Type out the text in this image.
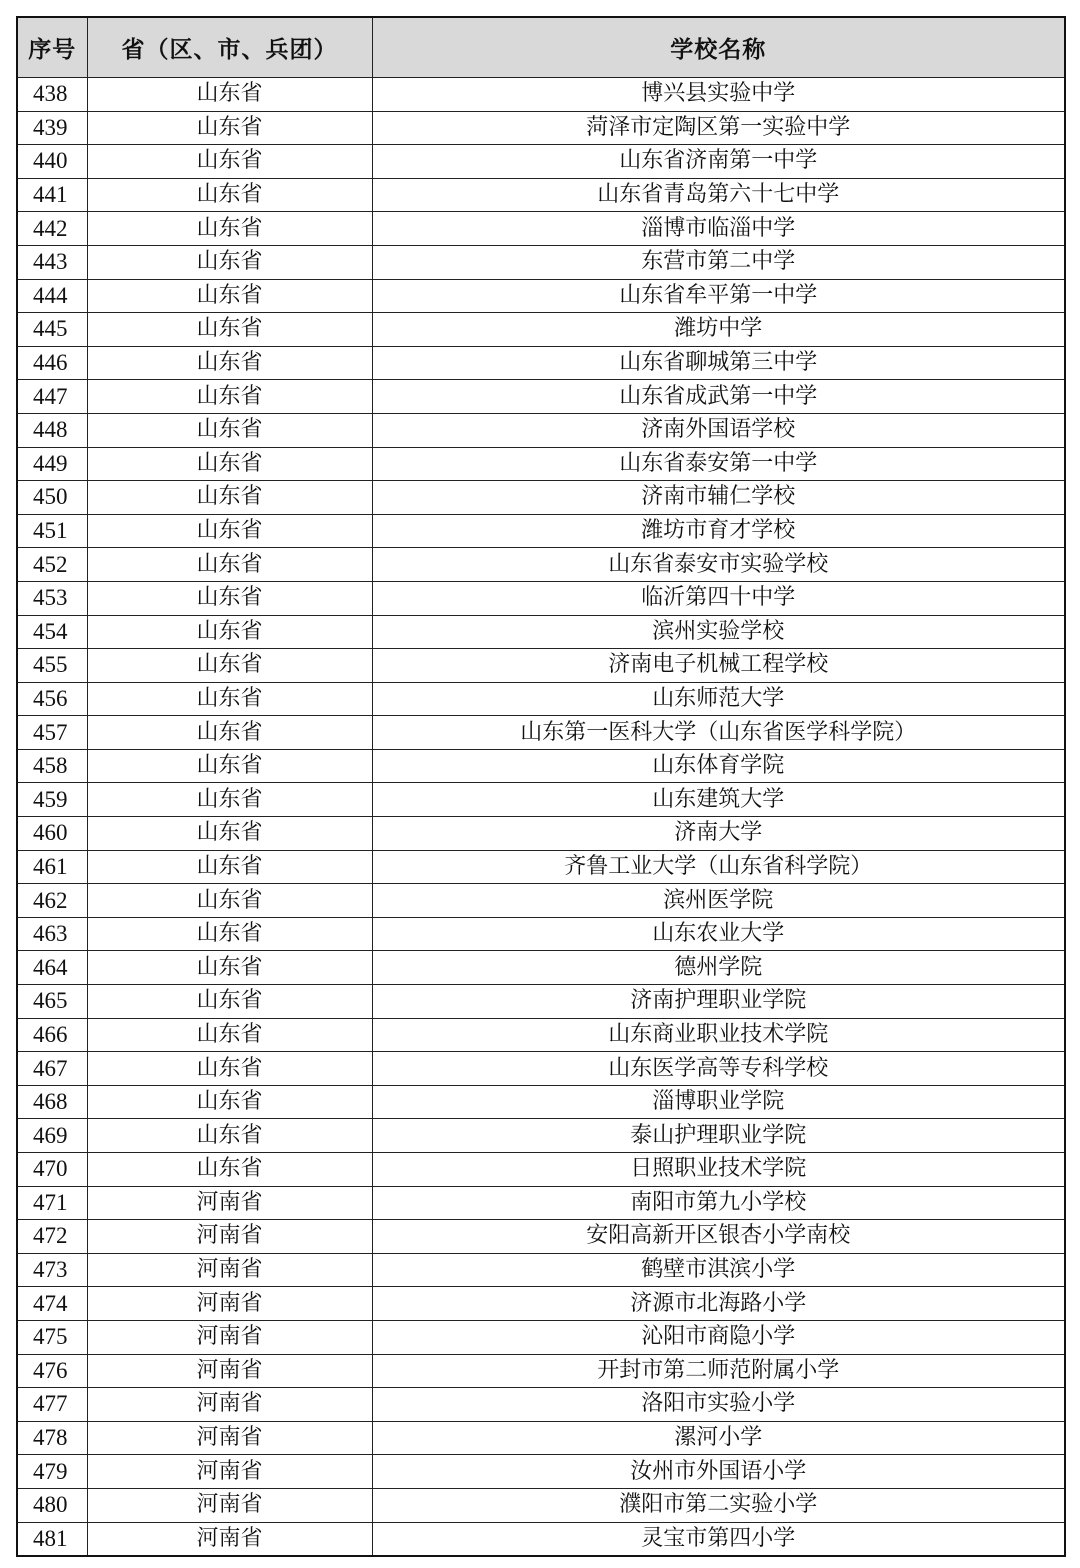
序号	省（区、市、兵团）	学校名称
438	山东省	博兴县实验中学
439	山东省	菏泽市定陶区第一实验中学
440	山东省	山东省济南第一中学
441	山东省	山东省青岛第六十七中学
442	山东省	淄博市临淄中学
443	山东省	东营市第二中学
444	山东省	山东省牟平第一中学
445	山东省	潍坊中学
446	山东省	山东省聊城第三中学
447	山东省	山东省成武第一中学
448	山东省	济南外国语学校
449	山东省	山东省泰安第一中学
450	山东省	济南市辅仁学校
451	山东省	潍坊市育才学校
452	山东省	山东省泰安市实验学校
453	山东省	临沂第四十中学
454	山东省	滨州实验学校
455	山东省	济南电子机械工程学校
456	山东省	山东师范大学
457	山东省	山东第一医科大学（山东省医学科学院）
458	山东省	山东体育学院
459	山东省	山东建筑大学
460	山东省	济南大学
461	山东省	齐鲁工业大学（山东省科学院）
462	山东省	滨州医学院
463	山东省	山东农业大学
464	山东省	德州学院
465	山东省	济南护理职业学院
466	山东省	山东商业职业技术学院
467	山东省	山东医学高等专科学校
468	山东省	淄博职业学院
469	山东省	泰山护理职业学院
470	山东省	日照职业技术学院
471	河南省	南阳市第九小学校
472	河南省	安阳高新开区银杏小学南校
473	河南省	鹤壁市淇滨小学
474	河南省	济源市北海路小学
475	河南省	沁阳市商隐小学
476	河南省	开封市第二师范附属小学
477	河南省	洛阳市实验小学
478	河南省	漯河小学
479	河南省	汝州市外国语小学
480	河南省	濮阳市第二实验小学
481	河南省	灵宝市第四小学
